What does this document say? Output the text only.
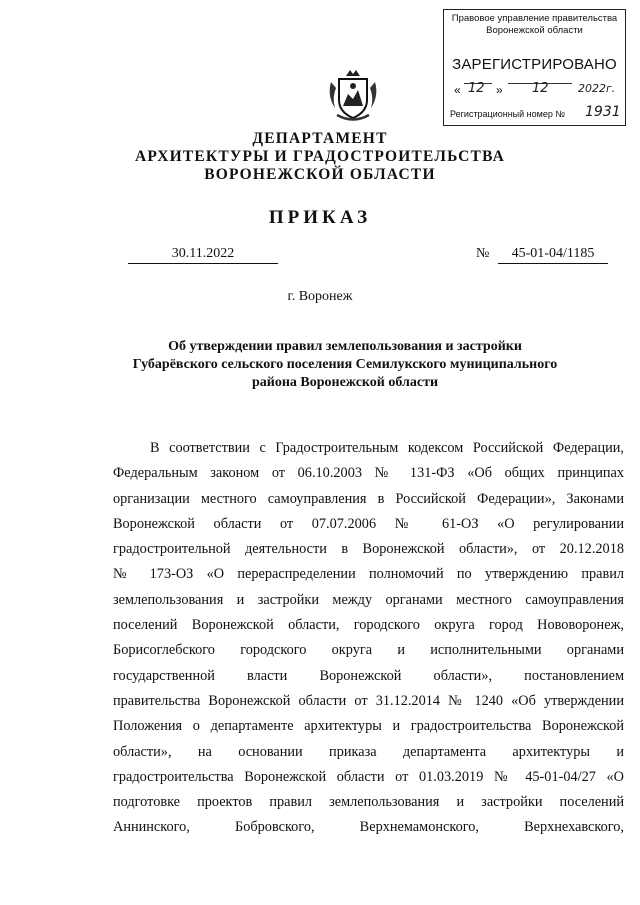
Правовое управление правительства
Воронежской области
ЗАРЕГИСТРИРОВАНО
« 12 » 12	2022г.
Регистрационный номер № 1931
ДЕПАРТАМЕНТ
АРХИТЕКТУРЫ И ГРАДОСТРОИТЕЛЬСТВА
ВОРОНЕЖСКОЙ ОБЛАСТИ
ПРИКАЗ
30.11.2022	№	45-01-04/1185
г. Воронеж
Об утверждении правил землепользования и застройки
Губарёвского сельского поселения Семилукского муниципального
района Воронежской области
В соответствии с Градостроительным кодексом Российской Федерации,
Федеральным законом от 06.10.2003 № 131-ФЗ «Об общих принципах
организации местного самоуправления в Российской Федерации», Законами
Воронежской области от 07.07.2006 № 61-ОЗ «О регулировании
градостроительной деятельности в Воронежской области», от 20.12.2018
№ 173-ОЗ «О перераспределении полномочий по утверждению правил
землепользования и застройки между органами местного самоуправления
поселений Воронежской области, городского округа город Нововоронеж,
Борисоглебского городского округа и исполнительными органами
государственной власти Воронежской области», постановлением
правительства Воронежской области от 31.12.2014 № 1240 «Об утверждении
Положения о департаменте архитектуры и градостроительства Воронежской
области», на основании приказа департамента архитектуры и
градостроительства Воронежской области от 01.03.2019 № 45-01-04/27 «О
подготовке проектов правил землепользования и застройки поселений
Аннинского, Бобровского, Верхнемамонского, Верхнехавского,
